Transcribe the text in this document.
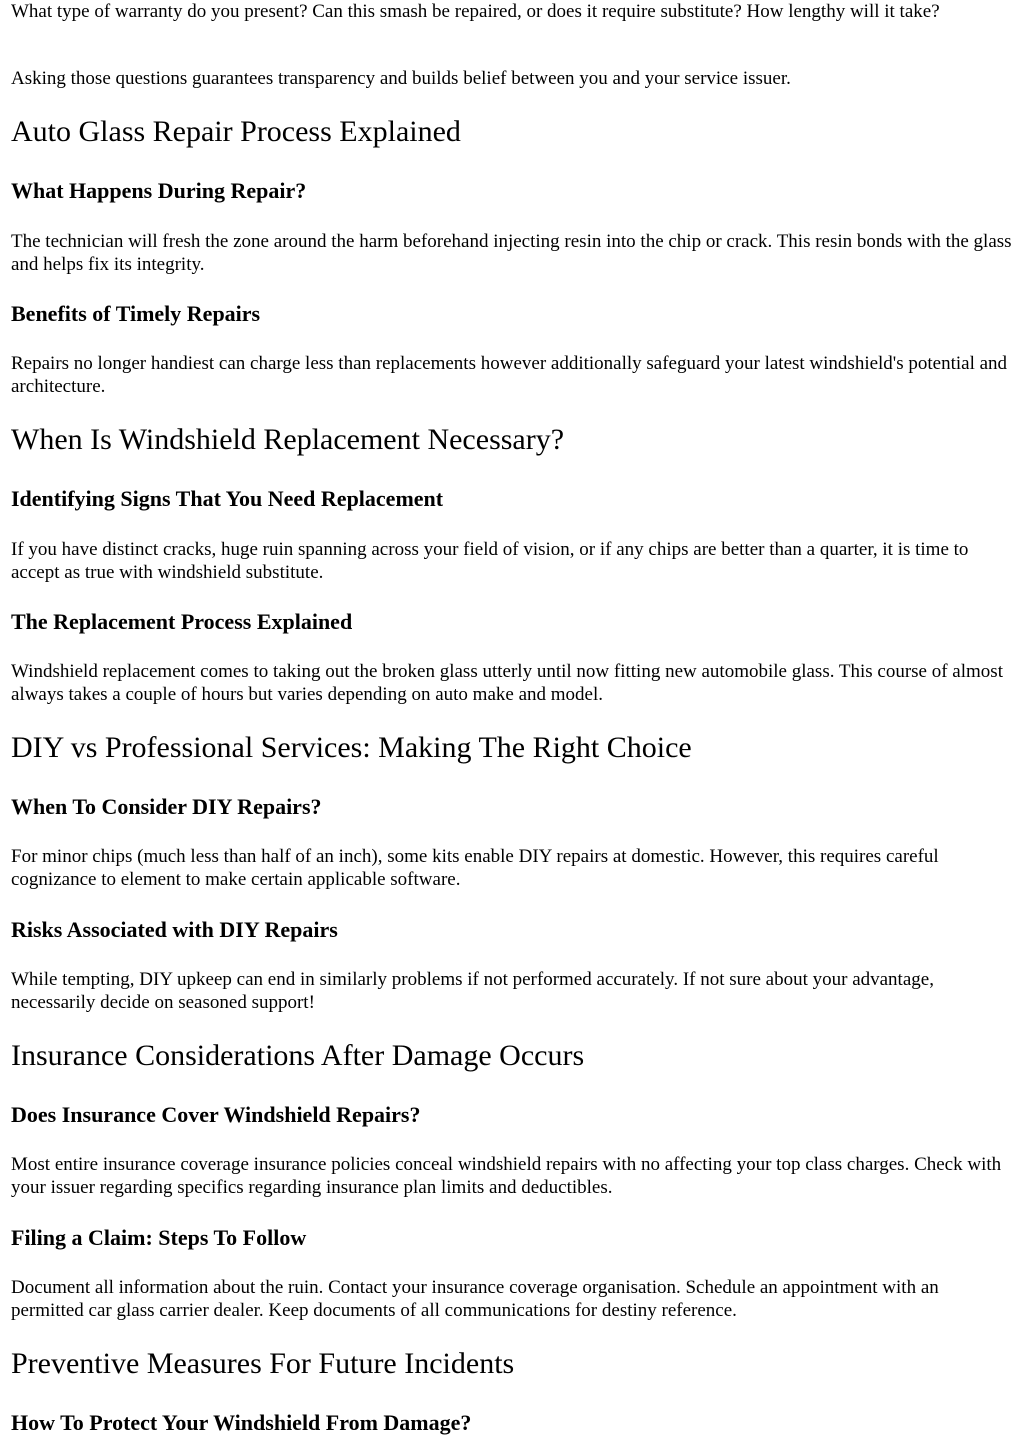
What type of warranty do you present? Can this smash be repaired, or does it require substitute? How lengthy will it take?

Asking those questions guarantees transparency and builds belief between you and your service issuer.

Auto Glass Repair Process Explained
What Happens During Repair?

The technician will fresh the zone around the harm beforehand injecting resin into the chip or crack. This resin bonds with the glass and helps fix its integrity.

Benefits of Timely Repairs

Repairs no longer handiest can charge less than replacements however additionally safeguard your latest windshield's potential and architecture.

When Is Windshield Replacement Necessary?
Identifying Signs That You Need Replacement

If you have distinct cracks, huge ruin spanning across your field of vision, or if any chips are better than a quarter, it is time to accept as true with windshield substitute.

The Replacement Process Explained

Windshield replacement comes to taking out the broken glass utterly until now fitting new automobile glass. This course of almost always takes a couple of hours but varies depending on auto make and model.

DIY vs Professional Services: Making The Right Choice
When To Consider DIY Repairs?

For minor chips (much less than half of an inch), some kits enable DIY repairs at domestic. However, this requires careful cognizance to element to make certain applicable software.

Risks Associated with DIY Repairs

While tempting, DIY upkeep can end in similarly problems if not performed accurately. If not sure about your advantage, necessarily decide on seasoned support!

Insurance Considerations After Damage Occurs
Does Insurance Cover Windshield Repairs?

Most entire insurance coverage insurance policies conceal windshield repairs with no affecting your top class charges. Check with your issuer regarding specifics regarding insurance plan limits and deductibles.

Filing a Claim: Steps To Follow

Document all information about the ruin. Contact your insurance coverage organisation. Schedule an appointment with an permitted car glass carrier dealer. Keep documents of all communications for destiny reference.

Preventive Measures For Future Incidents
How To Protect Your Windshield From Damage?
